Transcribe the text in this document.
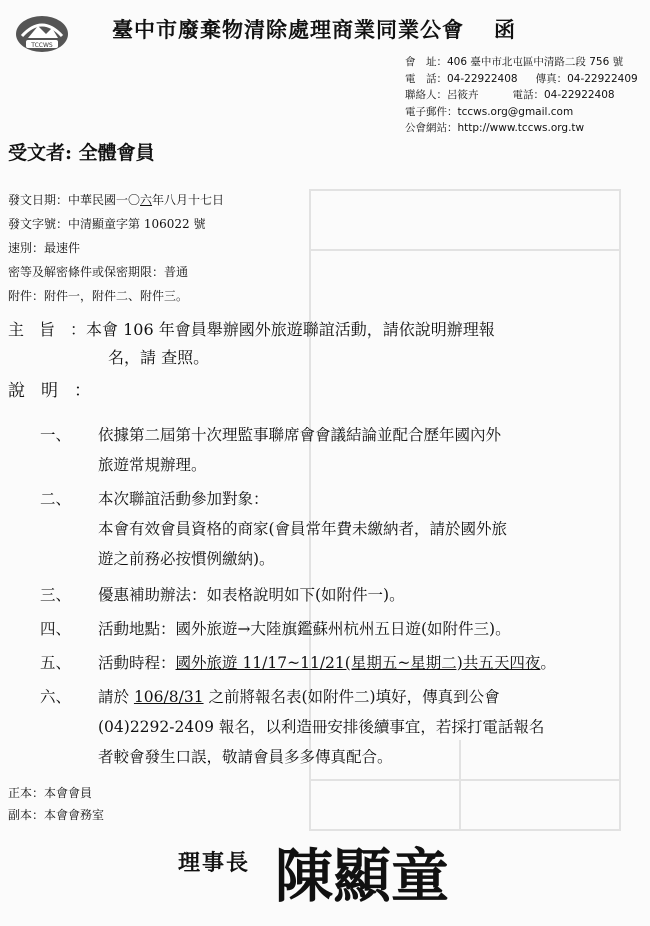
TCCWS
臺中市廢棄物清除處理商業同業公會 函
會　址：406 臺中市北屯區中清路二段 756 號
電　話：04-22922408 傳真：04-22922409
聯絡人：呂筱卉	電話：04-22922408
電子郵件：tccws.org@gmail.com
公會網站：http://www.tccws.org.tw
受文者: 全體會員
發文日期：中華民國一〇六年八月十七日
發文字號：中清顯童字第 106022 號
速別：最速件
密等及解密條件或保密期限：普通
附件：附件一，附件二、附件三。
主旨：
本會 106 年會員舉辦國外旅遊聯誼活動，請依說明辦理報
名，請 查照。
說明：
一、 依據第二屆第十次理監事聯席會會議結論並配合歷年國內外
旅遊常規辦理。
二、 本次聯誼活動參加對象：
本會有效會員資格的商家(會員常年費未繳納者，請於國外旅
遊之前務必按慣例繳納)。
三、 優惠補助辦法：如表格說明如下(如附件一)。
四、 活動地點：國外旅遊→大陸旗鑑蘇州杭州五日遊(如附件三)。
五、 活動時程：國外旅遊 11/17~11/21(星期五~星期二)共五天四夜。
六、 請於 106/8/31 之前將報名表(如附件二)填好，傳真到公會
(04)2292-2409 報名，以利造冊安排後續事宜，若採打電話報名
者較會發生口誤，敬請會員多多傳真配合。
正本：本會會員
副本：本會會務室
理事長 陳顯童
